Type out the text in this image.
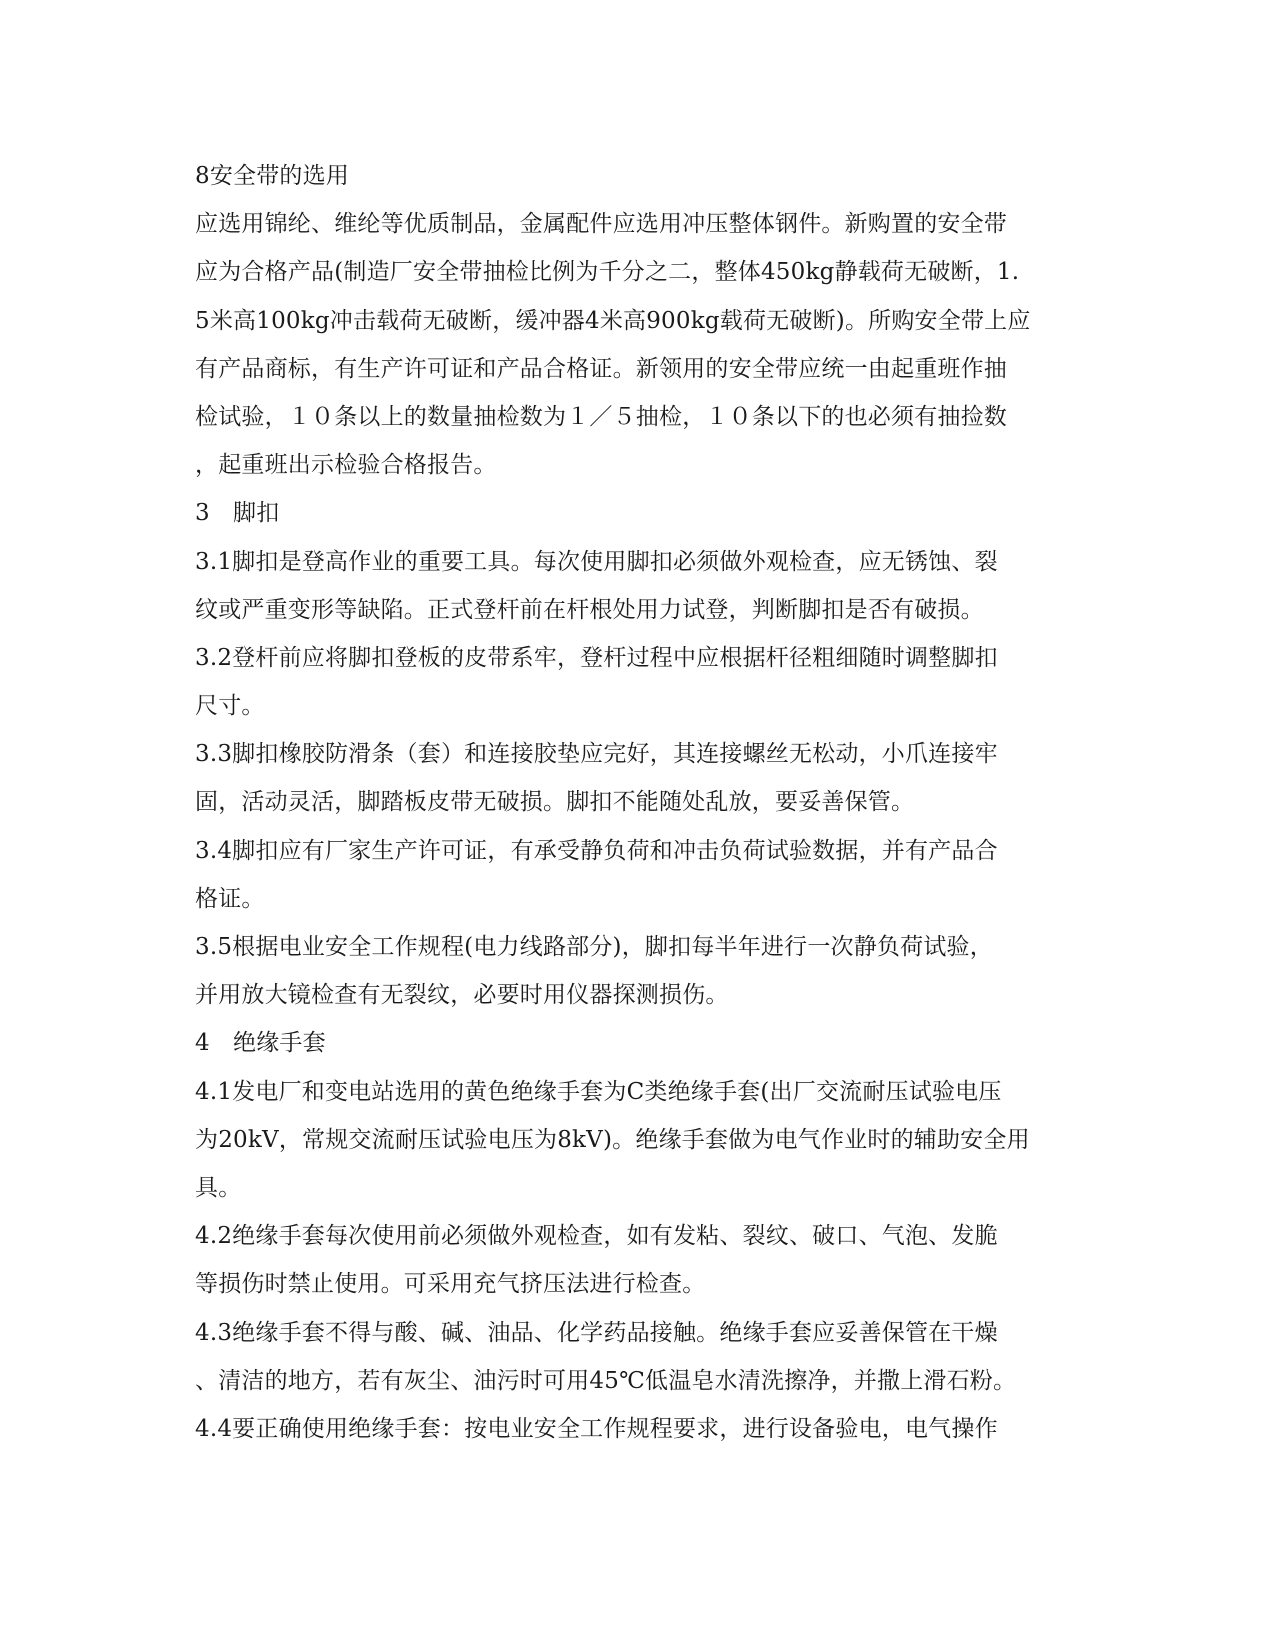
8安全带的选用
应选用锦纶、维纶等优质制品，金属配件应选用冲压整体钢件。新购置的安全带
应为合格产品(制造厂安全带抽检比例为千分之二，整体450kg静载荷无破断，1.
5米高100kg冲击载荷无破断，缓冲器4米高900kg载荷无破断)。所购安全带上应
有产品商标，有生产许可证和产品合格证。新领用的安全带应统一由起重班作抽
检试验，１０条以上的数量抽检数为１／５抽检，１０条以下的也必须有抽捡数
，起重班出示检验合格报告。
3　脚扣
3.1脚扣是登高作业的重要工具。每次使用脚扣必须做外观检查，应无锈蚀、裂
纹或严重变形等缺陷。正式登杆前在杆根处用力试登，判断脚扣是否有破损。
3.2登杆前应将脚扣登板的皮带系牢，登杆过程中应根据杆径粗细随时调整脚扣
尺寸。
3.3脚扣橡胶防滑条（套）和连接胶垫应完好，其连接螺丝无松动，小爪连接牢
固，活动灵活，脚踏板皮带无破损。脚扣不能随处乱放，要妥善保管。
3.4脚扣应有厂家生产许可证，有承受静负荷和冲击负荷试验数据，并有产品合
格证。
3.5根据电业安全工作规程(电力线路部分)，脚扣每半年进行一次静负荷试验，
并用放大镜检查有无裂纹，必要时用仪器探测损伤。
4　绝缘手套
4.1发电厂和变电站选用的黄色绝缘手套为C类绝缘手套(出厂交流耐压试验电压
为20kV，常规交流耐压试验电压为8kV)。绝缘手套做为电气作业时的辅助安全用
具。
4.2绝缘手套每次使用前必须做外观检查，如有发粘、裂纹、破口、气泡、发脆
等损伤时禁止使用。可采用充气挤压法进行检查。
4.3绝缘手套不得与酸、碱、油品、化学药品接触。绝缘手套应妥善保管在干燥
、清洁的地方，若有灰尘、油污时可用45℃低温皂水清洗擦净，并撒上滑石粉。
4.4要正确使用绝缘手套：按电业安全工作规程要求，进行设备验电，电气操作
